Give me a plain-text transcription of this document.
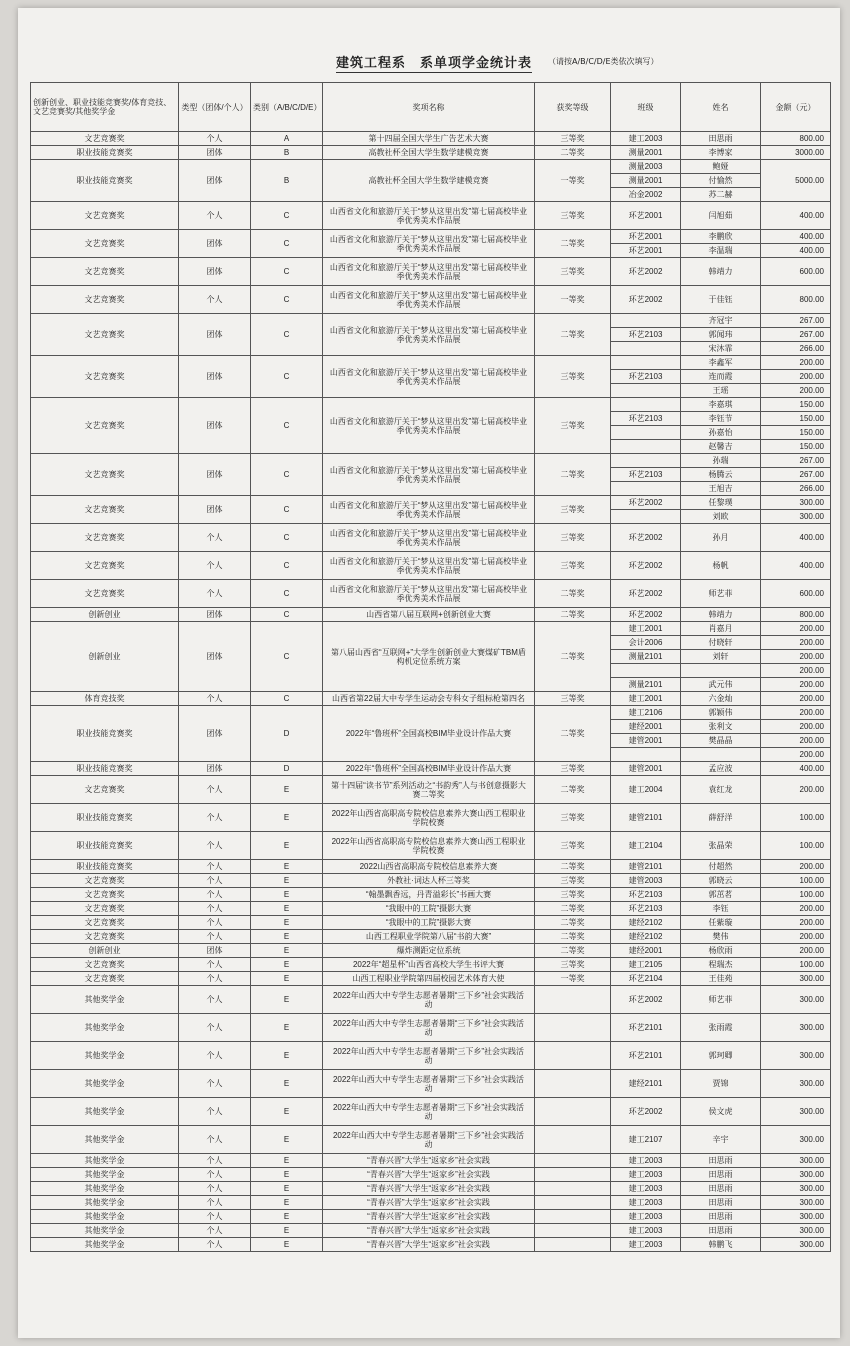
建筑工程系　系单项学金统计表 （请按A/B/C/D/E类依次填写）
创新创业、职业技能竞赛奖/体育竞技、文艺竞赛奖/其他奖学金	类型（团体/个人）	类别（A/B/C/D/E）	奖项名称	获奖等级	班级	姓名	金额（元）
文艺竞赛奖	个人	A	第十四届全国大学生广告艺术大赛	三等奖	建工2003	田思雨	800.00
职业技能竞赛奖	团体	B	高教社杯全国大学生数学建模竞赛	二等奖	测量2001	李博家	3000.00
职业技能竞赛奖	团体	B	高教社杯全国大学生数学建模竞赛	一等奖	测量2003	鲍娅	5000.00
					测量2001	付愉然	
					冶金2002	苏二赫	
文艺竞赛奖	个人	C	山西省文化和旅游厅关于“梦从这里出发”第七届高校毕业季优秀美术作品展	三等奖	环艺2001	闫旭茹	400.00
文艺竞赛奖	团体	C	山西省文化和旅游厅关于“梦从这里出发”第七届高校毕业季优秀美术作品展	二等奖	环艺2001	李鹏欣	400.00
					环艺2001	李温瑞	400.00
文艺竞赛奖	团体	C	山西省文化和旅游厅关于“梦从这里出发”第七届高校毕业季优秀美术作品展	三等奖	环艺2002	韩靖力	600.00
文艺竞赛奖	个人	C	山西省文化和旅游厅关于“梦从这里出发”第七届高校毕业季优秀美术作品展	一等奖	环艺2002	于佳钰	800.00
文艺竞赛奖	团体	C	山西省文化和旅游厅关于“梦从这里出发”第七届高校毕业季优秀美术作品展	二等奖		齐冠宇	267.00
					环艺2103	郭闻玮	267.00
						宋沐霏	266.00
文艺竞赛奖	团体	C	山西省文化和旅游厅关于“梦从这里出发”第七届高校毕业季优秀美术作品展	三等奖		李鑫军	200.00
					环艺2103	连而霞	200.00
						王瑶	200.00
文艺竞赛奖	团体	C	山西省文化和旅游厅关于“梦从这里出发”第七届高校毕业季优秀美术作品展	三等奖		李嘉琪	150.00
					环艺2103	李钰节	150.00
						孙嘉怡	150.00
						赵馨吉	150.00
文艺竞赛奖	团体	C	山西省文化和旅游厅关于“梦从这里出发”第七届高校毕业季优秀美术作品展	二等奖		孙瑞	267.00
					环艺2103	杨腾云	267.00
						王旭吉	266.00
文艺竞赛奖	团体	C	山西省文化和旅游厅关于“梦从这里出发”第七届高校毕业季优秀美术作品展	三等奖	环艺2002	任黎璞	300.00
						刘欧	300.00
文艺竞赛奖	个人	C	山西省文化和旅游厅关于“梦从这里出发”第七届高校毕业季优秀美术作品展	三等奖	环艺2002	孙月	400.00
文艺竞赛奖	个人	C	山西省文化和旅游厅关于“梦从这里出发”第七届高校毕业季优秀美术作品展	三等奖	环艺2002	杨帆	400.00
文艺竞赛奖	个人	C	山西省文化和旅游厅关于“梦从这里出发”第七届高校毕业季优秀美术作品展	二等奖	环艺2002	师艺菲	600.00
创新创业	团体	C	山西省第八届互联网+创新创业大赛	二等奖	环艺2002	韩靖力	800.00
创新创业	团体	C	第八届山西省“互联网+”大学生创新创业大赛煤矿TBM盾构机定位系统方案	二等奖	建工2001	肖嘉月	200.00
					会计2006	付晓轩	200.00
					测量2101	刘轩	200.00
							200.00
					测量2101	武元伟	200.00
体育竞技奖	个人	C	山西省第22届大中专学生运动会专科女子组标枪第四名	三等奖	建工2001	六金灿	200.00
职业技能竞赛奖	团体	D	2022年“鲁班杯”全国高校BIM毕业设计作品大赛	二等奖	建工2106	郭颖伟	200.00
					建经2001	张利文	200.00
					建管2001	樊晶晶	200.00
							200.00
职业技能竞赛奖	团体	D	2022年“鲁班杯”全国高校BIM毕业设计作品大赛	三等奖	建管2001	孟应波	400.00
文艺竞赛奖	个人	E	第十四届“读书节”系列活动之“书韵秀”人与书创意摄影大赛二等奖	二等奖	建工2004	袁红龙	200.00
职业技能竞赛奖	个人	E	2022年山西省高职高专院校信息素养大赛山西工程职业学院校赛	三等奖	建管2101	薛舒洋	100.00
职业技能竞赛奖	个人	E	2022年山西省高职高专院校信息素养大赛山西工程职业学院校赛	三等奖	建工2104	张晶荣	100.00
职业技能竞赛奖	个人	E	2022山西省高职高专院校信息素养大赛	二等奖	建管2101	付超然	200.00
文艺竞赛奖	个人	E	外教社·词达人杯三等奖	三等奖	建管2003	郭晓云	100.00
文艺竞赛奖	个人	E	“翰墨飘香远，丹青溢彩长”书画大赛	三等奖	环艺2103	郭茁茗	100.00
文艺竞赛奖	个人	E	“我眼中的工院”摄影大赛	二等奖	环艺2103	李钰	200.00
文艺竞赛奖	个人	E	“我眼中的工院”摄影大赛	二等奖	建经2102	任紫璇	200.00
文艺竞赛奖	个人	E	山西工程职业学院第八届“书韵大赛”	二等奖	建经2102	樊伟	200.00
创新创业	团体	E	爆炸测距定位系统	二等奖	建经2001	杨欣雨	200.00
文艺竞赛奖	个人	E	2022年“超星杯”山西省高校大学生书评大赛	三等奖	建工2105	程瑞杰	100.00
文艺竞赛奖	个人	E	山西工程职业学院第四届校园艺术体育大使	一等奖	环艺2104	王佳苑	300.00
其他奖学金	个人	E	2022年山西大中专学生志愿者暑期“三下乡”社会实践活动		环艺2002	师艺菲	300.00
其他奖学金	个人	E	2022年山西大中专学生志愿者暑期“三下乡”社会实践活动		环艺2101	张雨霞	300.00
其他奖学金	个人	E	2022年山西大中专学生志愿者暑期“三下乡”社会实践活动		环艺2101	郭珂卿	300.00
其他奖学金	个人	E	2022年山西大中专学生志愿者暑期“三下乡”社会实践活动		建经2101	贾锦	300.00
其他奖学金	个人	E	2022年山西大中专学生志愿者暑期“三下乡”社会实践活动		环艺2002	侯文虎	300.00
其他奖学金	个人	E	2022年山西大中专学生志愿者暑期“三下乡”社会实践活动		建工2107	辛宇	300.00
其他奖学金	个人	E	“青春兴晋”大学生“返家乡”社会实践		建工2003	田思雨	300.00
其他奖学金	个人	E	“青春兴晋”大学生“返家乡”社会实践		建工2003	田思雨	300.00
其他奖学金	个人	E	“青春兴晋”大学生“返家乡”社会实践		建工2003	田思雨	300.00
其他奖学金	个人	E	“青春兴晋”大学生“返家乡”社会实践		建工2003	田思雨	300.00
其他奖学金	个人	E	“青春兴晋”大学生“返家乡”社会实践		建工2003	田思雨	300.00
其他奖学金	个人	E	“青春兴晋”大学生“返家乡”社会实践		建工2003	田思雨	300.00
其他奖学金	个人	E	“青春兴晋”大学生“返家乡”社会实践		建工2003	韩鹏飞	300.00
